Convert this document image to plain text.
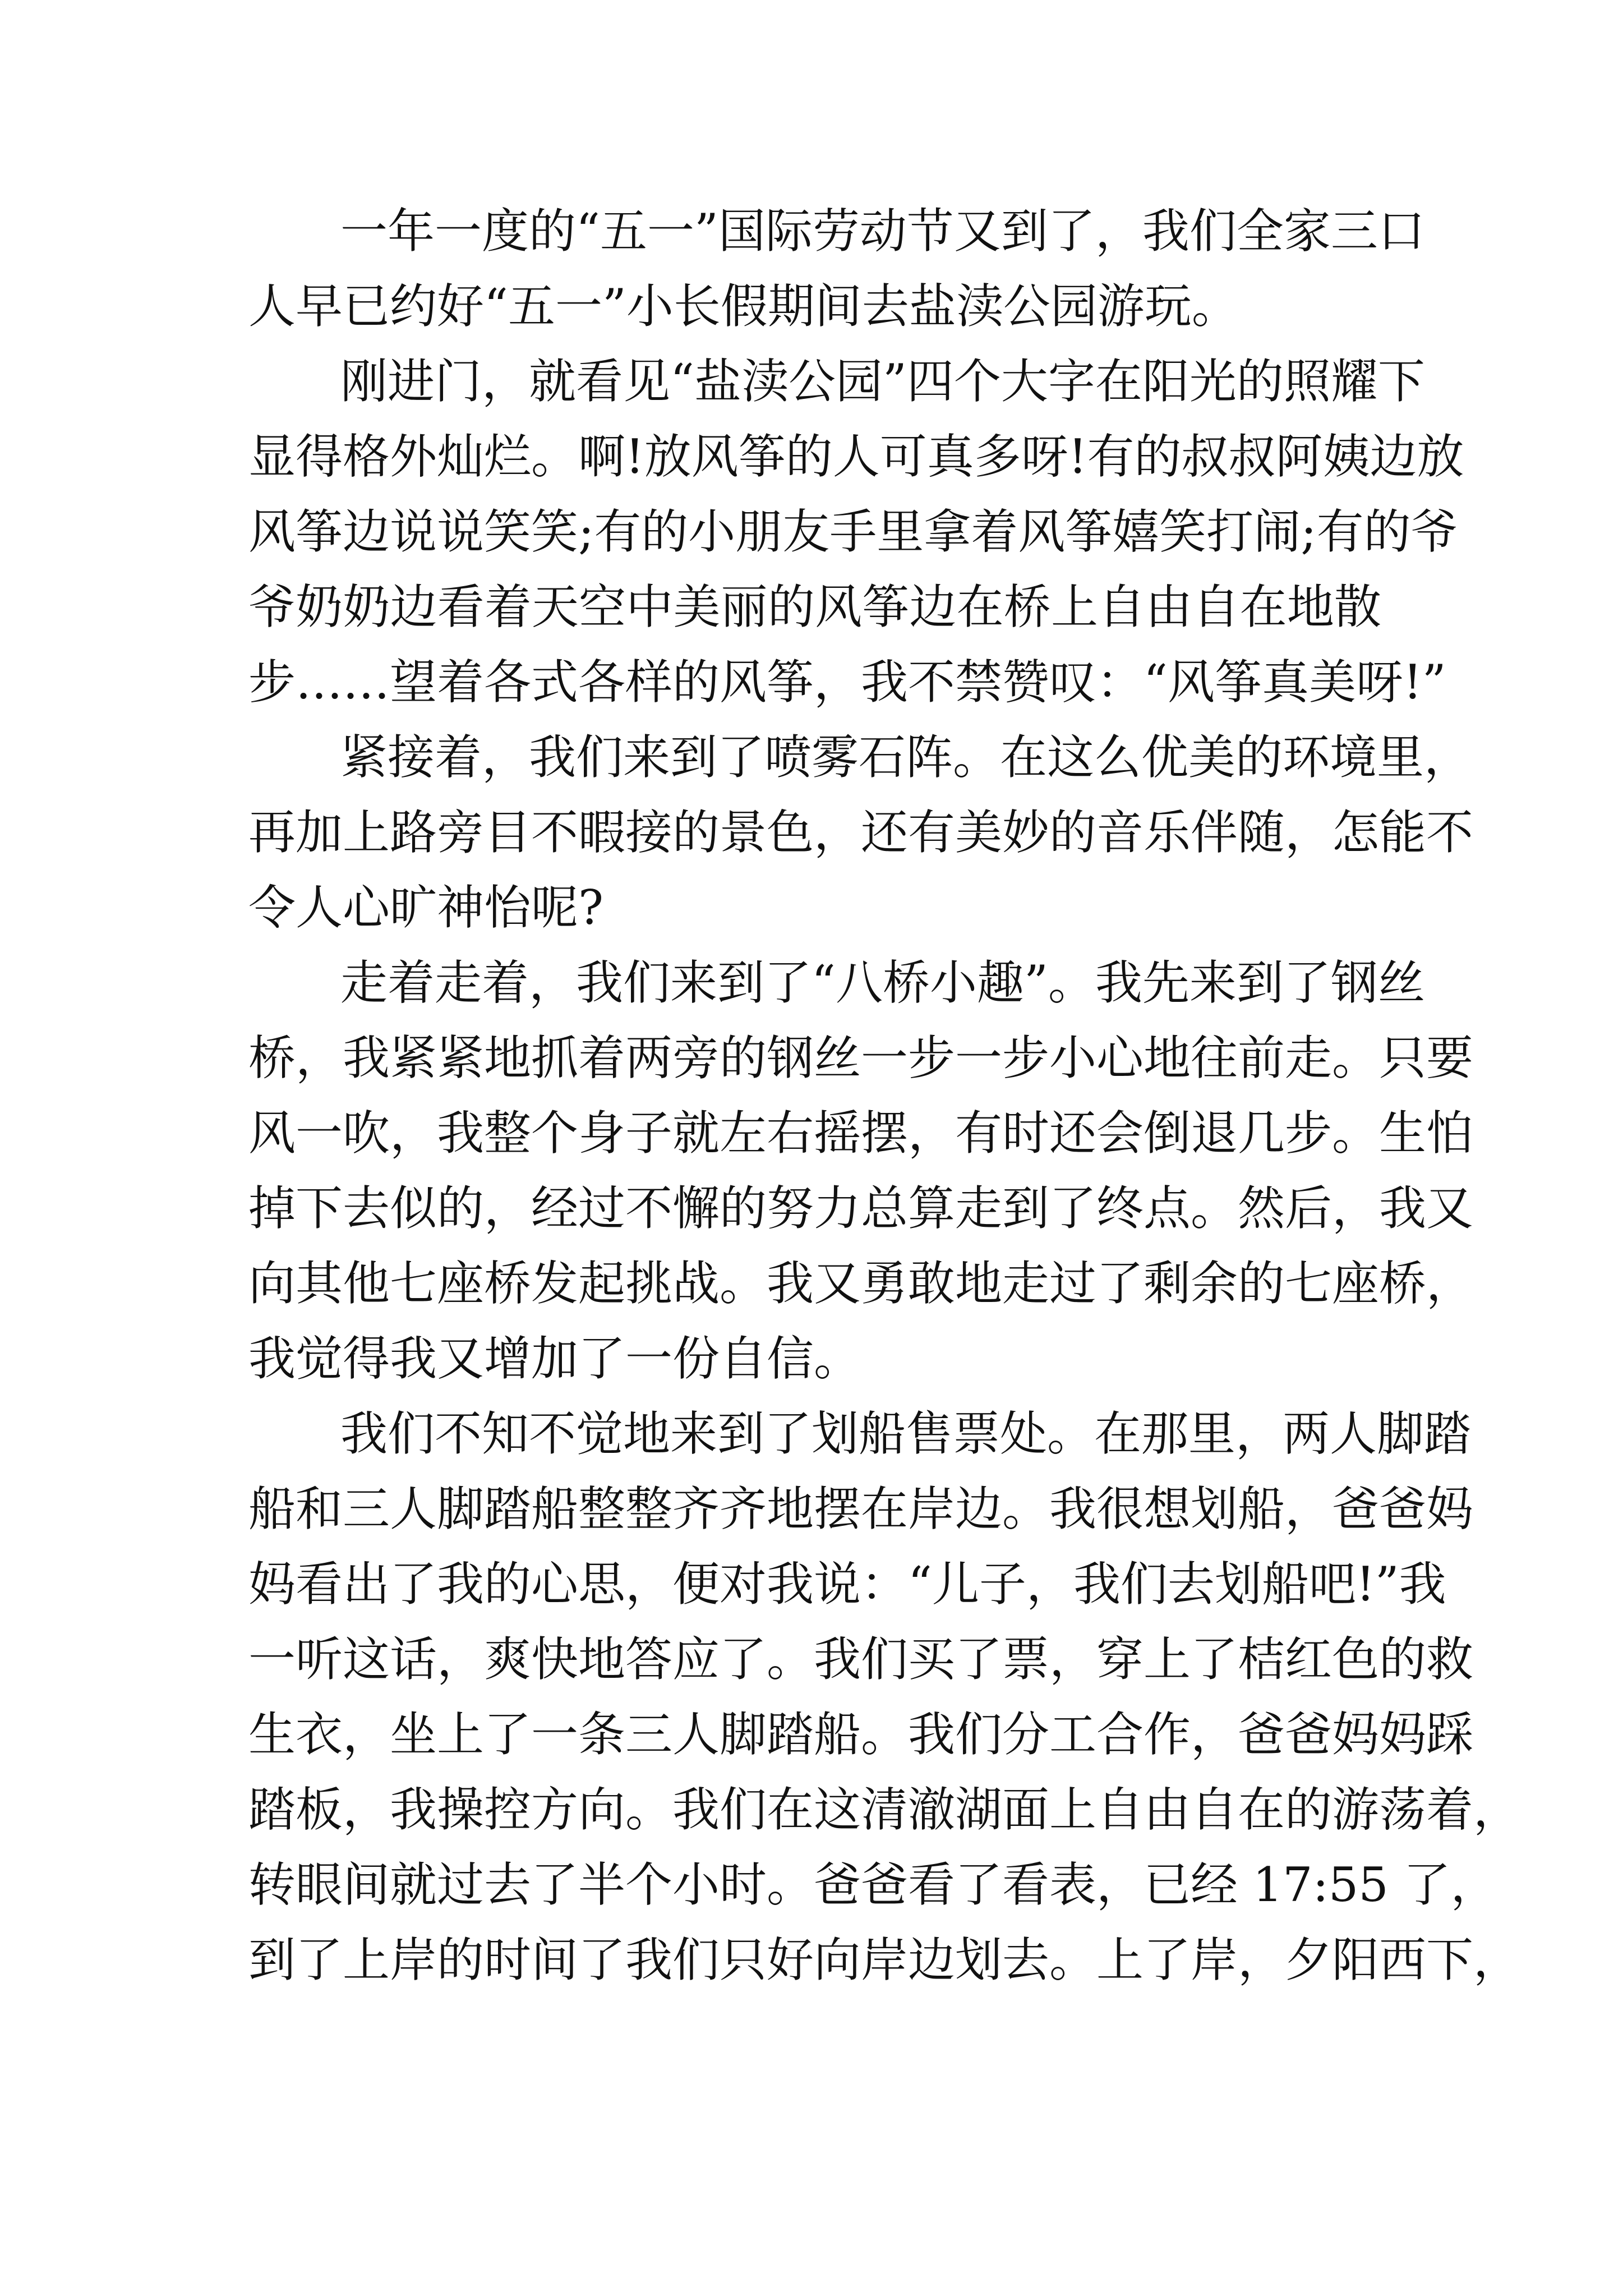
一年一度的“五一”国际劳动节又到了，我们全家三口
人早已约好“五一”小长假期间去盐渎公园游玩。
刚进门，就看见“盐渎公园”四个大字在阳光的照耀下
显得格外灿烂。啊!放风筝的人可真多呀!有的叔叔阿姨边放
风筝边说说笑笑;有的小朋友手里拿着风筝嬉笑打闹;有的爷
爷奶奶边看着天空中美丽的风筝边在桥上自由自在地散
步……望着各式各样的风筝，我不禁赞叹：“风筝真美呀!”
紧接着，我们来到了喷雾石阵。在这么优美的环境里，
再加上路旁目不暇接的景色，还有美妙的音乐伴随，怎能不
令人心旷神怡呢?
走着走着，我们来到了“八桥小趣”。我先来到了钢丝
桥，我紧紧地抓着两旁的钢丝一步一步小心地往前走。只要
风一吹，我整个身子就左右摇摆，有时还会倒退几步。生怕
掉下去似的，经过不懈的努力总算走到了终点。然后，我又
向其他七座桥发起挑战。我又勇敢地走过了剩余的七座桥，
我觉得我又增加了一份自信。
我们不知不觉地来到了划船售票处。在那里，两人脚踏
船和三人脚踏船整整齐齐地摆在岸边。我很想划船，爸爸妈
妈看出了我的心思，便对我说：“儿子，我们去划船吧!”我
一听这话，爽快地答应了。我们买了票，穿上了桔红色的救
生衣，坐上了一条三人脚踏船。我们分工合作，爸爸妈妈踩
踏板，我操控方向。我们在这清澈湖面上自由自在的游荡着，
转眼间就过去了半个小时。爸爸看了看表，已经 17:55 了，
到了上岸的时间了我们只好向岸边划去。上了岸，夕阳西下，
